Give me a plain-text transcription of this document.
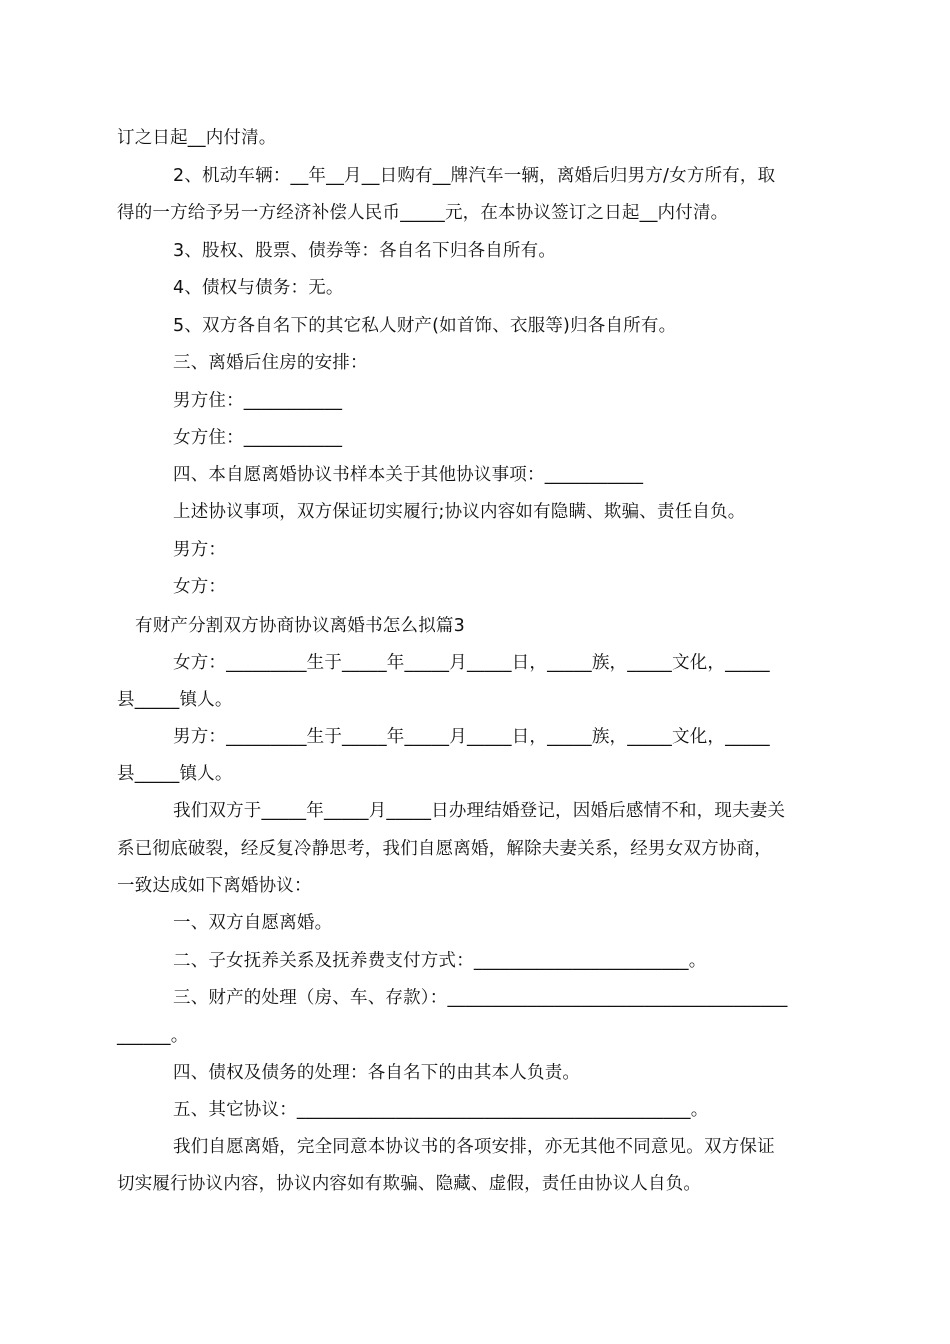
订之日起__内付清。

2、机动车辆：__年__月__日购有__牌汽车一辆，离婚后归男方/女方所有，取

得的一方给予另一方经济补偿人民币_____元，在本协议签订之日起__内付清。

3、股权、股票、债券等：各自名下归各自所有。

4、债权与债务：无。

5、双方各自名下的其它私人财产(如首饰、衣服等)归各自所有。

三、离婚后住房的安排：

男方住：___________

女方住：___________

四、本自愿离婚协议书样本关于其他协议事项：___________

上述协议事项，双方保证切实履行;协议内容如有隐瞒、欺骗、责任自负。

男方：

女方：

有财产分割双方协商协议离婚书怎么拟篇3

女方：_________生于_____年_____月_____日，_____族，_____文化，_____

县_____镇人。

男方：_________生于_____年_____月_____日，_____族，_____文化，_____

县_____镇人。

我们双方于_____年_____月_____日办理结婚登记，因婚后感情不和，现夫妻关

系已彻底破裂，经反复冷静思考，我们自愿离婚，解除夫妻关系，经男女双方协商，

一致达成如下离婚协议：

一、双方自愿离婚。

二、子女抚养关系及抚养费支付方式：________________________。

三、财产的处理（房、车、存款）：______________________________________

______。

四、债权及债务的处理：各自名下的由其本人负责。

五、其它协议：____________________________________________。

我们自愿离婚，完全同意本协议书的各项安排，亦无其他不同意见。双方保证

切实履行协议内容，协议内容如有欺骗、隐藏、虚假，责任由协议人自负。
